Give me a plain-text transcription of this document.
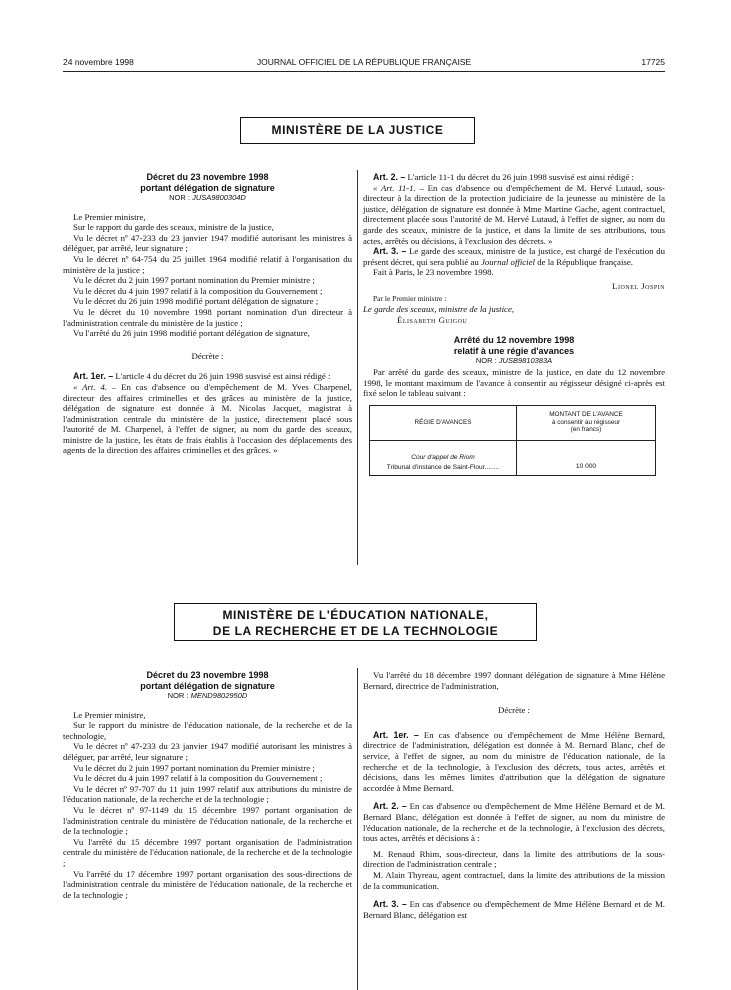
24 novembre 1998	JOURNAL OFFICIEL DE LA RÉPUBLIQUE FRANÇAISE	17725
MINISTÈRE DE LA JUSTICE

Décret du 23 novembre 1998

portant délégation de signature

NOR : JUSA9800304D

Le Premier ministre,

Sur le rapport du garde des sceaux, ministre de la justice,

Vu le décret nº 47-233 du 23 janvier 1947 modifié autorisant les ministres à déléguer, par arrêté, leur signature ;

Vu le décret nº 64-754 du 25 juillet 1964 modifié relatif à l'organisation du ministère de la justice ;

Vu le décret du 2 juin 1997 portant nomination du Premier ministre ;

Vu le décret du 4 juin 1997 relatif à la composition du Gouvernement ;

Vu le décret du 26 juin 1998 modifié portant délégation de signature ;

Vu le décret du 10 novembre 1998 portant nomination d'un directeur à l'administration centrale du ministère de la justice ;

Vu l'arrêté du 26 juin 1998 modifié portant délégation de signature,

Décrète :

Art. 1er. – L'article 4 du décret du 26 juin 1998 susvisé est ainsi rédigé :

« Art. 4. – En cas d'absence ou d'empêchement de M. Yves Charpenel, directeur des affaires criminelles et des grâces au ministère de la justice, délégation de signature est donnée à M. Nicolas Jacquet, magistrat à l'administration centrale du ministère de la justice, directement placé sous l'autorité de M. Charpenel, à l'effet de signer, au nom du garde des sceaux, ministre de la justice, les états de frais établis à l'occasion des déplacements des agents de la direction des affaires criminelles et des grâces. »

Art. 2. – L'article 11-1 du décret du 26 juin 1998 susvisé est ainsi rédigé :

« Art. 11-1. – En cas d'absence ou d'empêchement de M. Hervé Lutaud, sous-directeur à la direction de la protection judiciaire de la jeunesse au ministère de la justice, délégation de signature est donnée à Mme Martine Gache, agent contractuel, directement placée sous l'autorité de M. Hervé Lutaud, à l'effet de signer, au nom du garde des sceaux, ministre de la justice, et dans la limite de ses attributions, tous actes, arrêtés ou décisions, à l'exclusion des décrets. »

Art. 3. – Le garde des sceaux, ministre de la justice, est chargé de l'exécution du présent décret, qui sera publié au Journal officiel de la République française.

Fait à Paris, le 23 novembre 1998.

Lionel Jospin

Par le Premier ministre :

Le garde des sceaux, ministre de la justice,

Élisabeth Guigou

Arrêté du 12 novembre 1998

relatif à une régie d'avances

NOR : JUSB9810383A

Par arrêté du garde des sceaux, ministre de la justice, en date du 12 novembre 1998, le montant maximum de l'avance à consentir au régisseur désigné ci-après est fixé selon le tableau suivant :

RÉGIE D'AVANCES	MONTANT DE L'AVANCE
à consentir au régisseur
(en francs)
Cour d'appel de Riom
Tribunal d'instance de Saint-Flour........	10 000
MINISTÈRE DE L'ÉDUCATION NATIONALE,
DE LA RECHERCHE ET DE LA TECHNOLOGIE

Décret du 23 novembre 1998

portant délégation de signature

NOR : MEND9802950D

Le Premier ministre,

Sur le rapport du ministre de l'éducation nationale, de la recherche et de la technologie,

Vu le décret nº 47-233 du 23 janvier 1947 modifié autorisant les ministres à déléguer, par arrêté, leur signature ;

Vu le décret du 2 juin 1997 portant nomination du Premier ministre ;

Vu le décret du 4 juin 1997 relatif à la composition du Gouvernement ;

Vu le décret nº 97-707 du 11 juin 1997 relatif aux attributions du ministre de l'éducation nationale, de la recherche et de la technologie ;

Vu le décret nº 97-1149 du 15 décembre 1997 portant organisation de l'administration centrale du ministère de l'éducation nationale, de la recherche et de la technologie ;

Vu l'arrêté du 15 décembre 1997 portant organisation de l'administration centrale du ministère de l'éducation nationale, de la recherche et de la technologie ;

Vu l'arrêté du 17 décembre 1997 portant organisation des sous-directions de l'administration centrale du ministère de l'éducation nationale, de la recherche et de la technologie ;

Vu l'arrêté du 18 décembre 1997 donnant délégation de signature à Mme Hélène Bernard, directrice de l'administration,

Décrète :

Art. 1er. – En cas d'absence ou d'empêchement de Mme Hélène Bernard, directrice de l'administration, délégation est donnée à M. Bernard Blanc, chef de service, à l'effet de signer, au nom du ministre de l'éducation nationale, de la recherche et de la technologie, à l'exclusion des décrets, tous actes, arrêtés et décisions, dans les mêmes limites d'attribution que la délégation de signature accordée à Mme Bernard.

Art. 2. – En cas d'absence ou d'empêchement de Mme Hélène Bernard et de M. Bernard Blanc, délégation est donnée à l'effet de signer, au nom du ministre de l'éducation nationale, de la recherche et de la technologie, à l'exclusion des décrets, tous actes, arrêtés et décisions à :

M. Renaud Rhim, sous-directeur, dans la limite des attributions de la sous-direction de l'administration centrale ;

M. Alain Thyreau, agent contractuel, dans la limite des attributions de la mission de la communication.

Art. 3. – En cas d'absence ou d'empêchement de Mme Hélène Bernard et de M. Bernard Blanc, délégation est
